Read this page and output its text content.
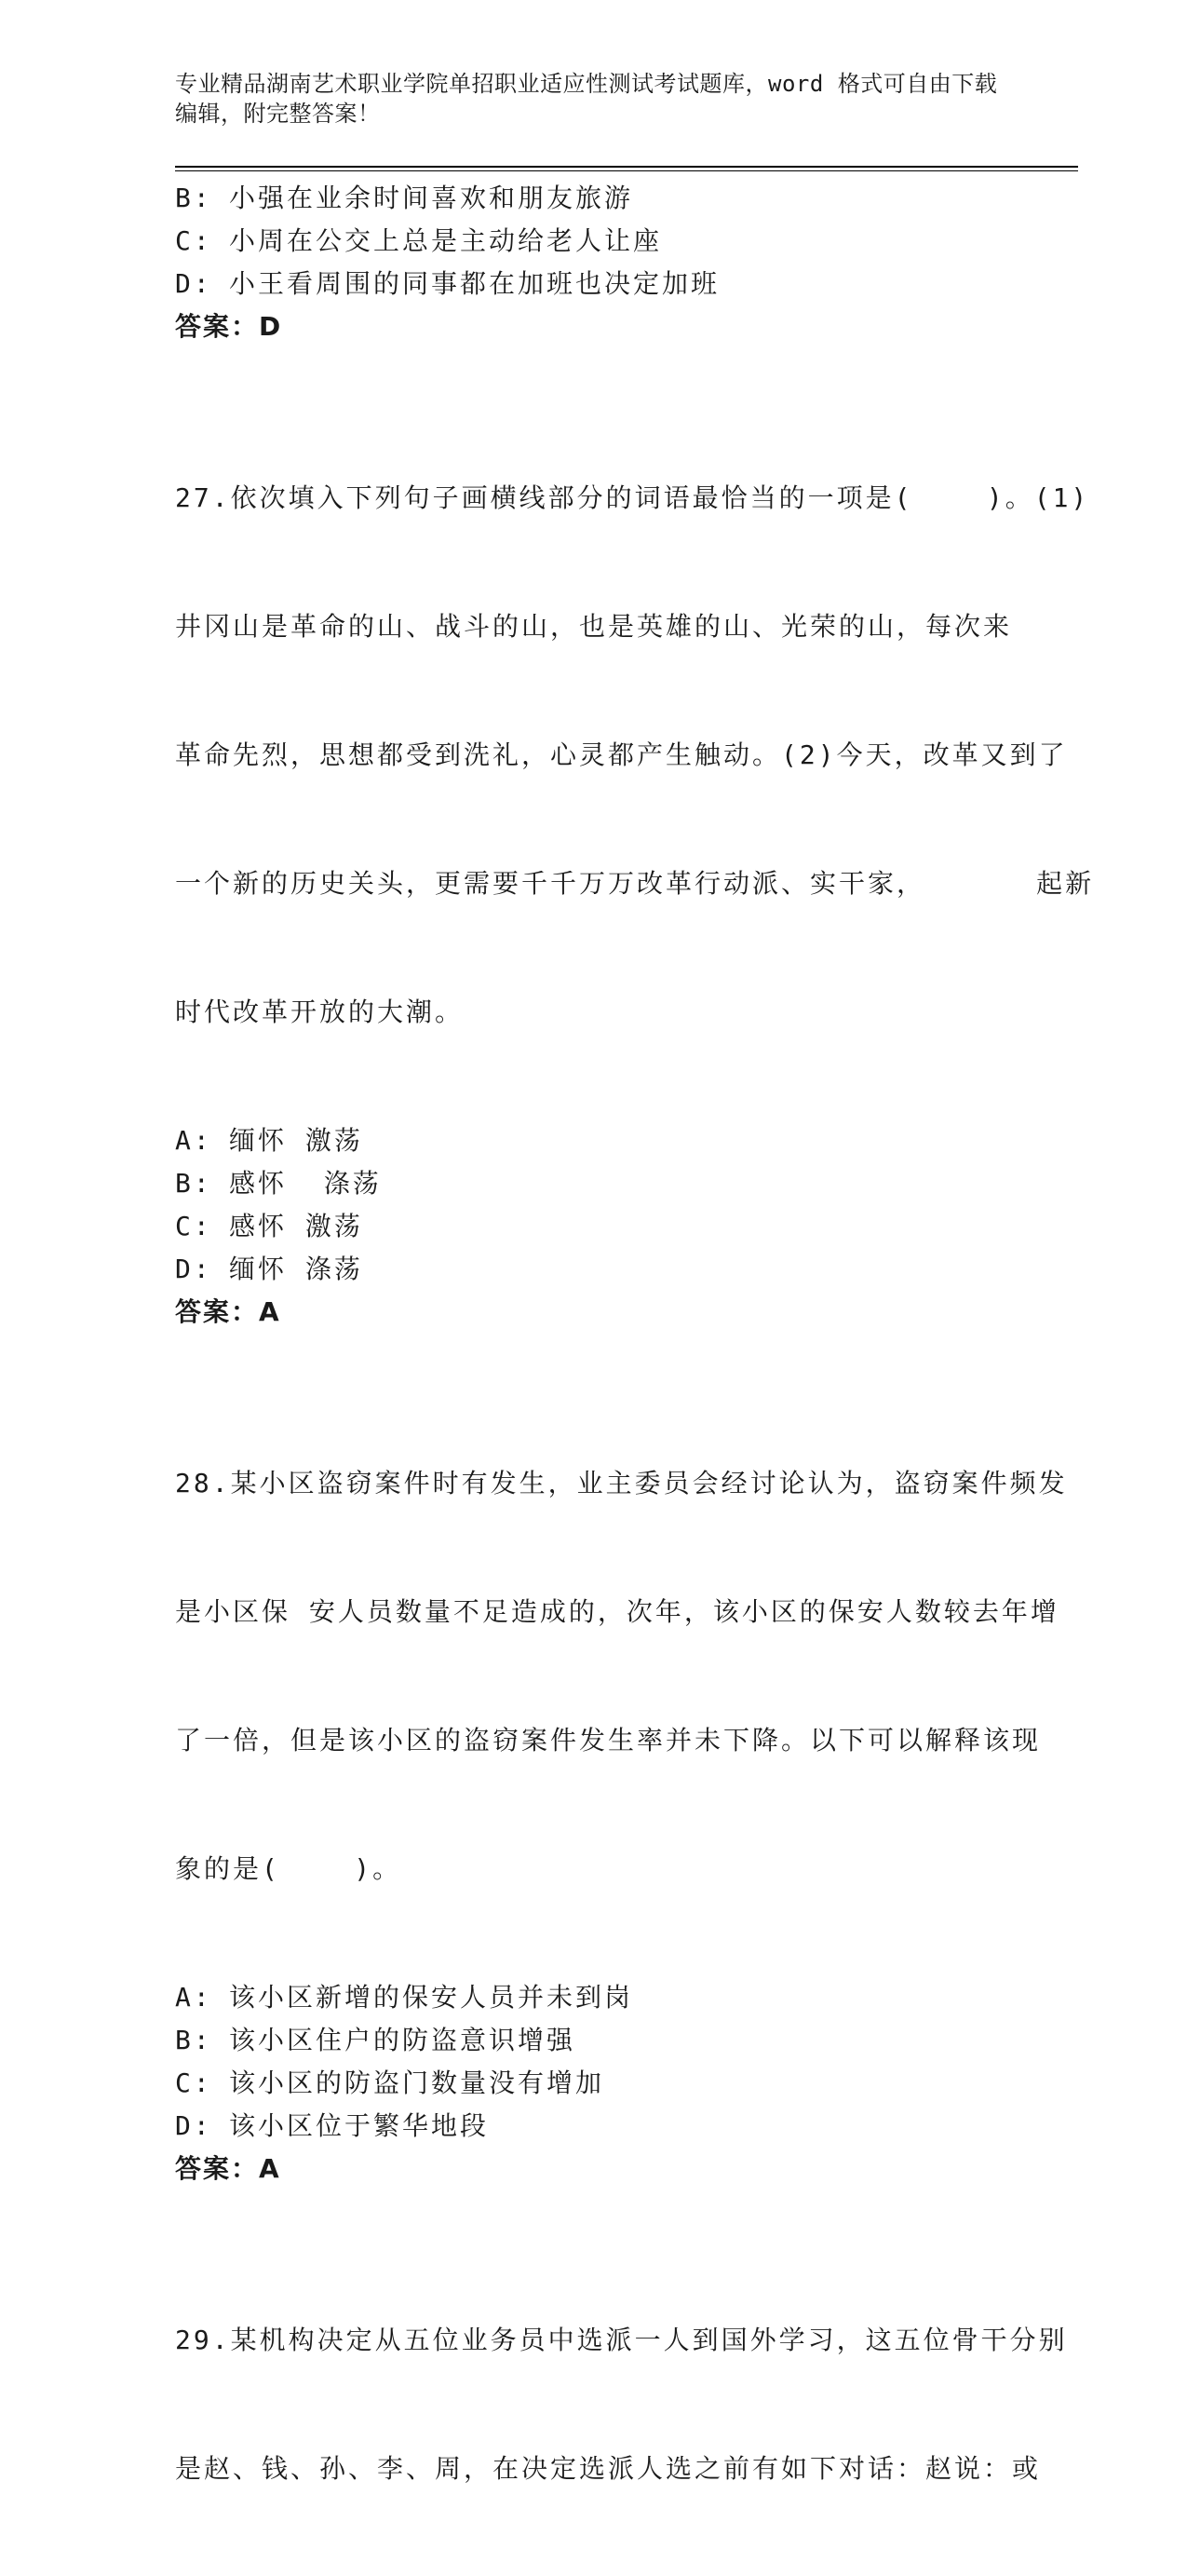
专业精品湖南艺术职业学院单招职业适应性测试考试题库，word 格式可自由下载
编辑，附完整答案！
B: 小强在业余时间喜欢和朋友旅游
C: 小周在公交上总是主动给老人让座
D: 小王看周围的同事都在加班也决定加班
答案：D

27.依次填入下列句子画横线部分的词语最恰当的一项是(    )。(1)

井冈山是革命的山、战斗的山，也是英雄的山、光荣的山，每次来

革命先烈，思想都受到洗礼，心灵都产生触动。(2)今天，改革又到了

一个新的历史关头，更需要千千万万改革行动派、实干家，      起新

时代改革开放的大潮。

A: 缅怀 激荡
B: 感怀  涤荡
C: 感怀 激荡
D: 缅怀 涤荡
答案：A

28.某小区盗窃案件时有发生，业主委员会经讨论认为，盗窃案件频发

是小区保 安人员数量不足造成的，次年，该小区的保安人数较去年增

了一倍，但是该小区的盗窃案件发生率并未下降。以下可以解释该现

象的是(    )。

A: 该小区新增的保安人员并未到岗
B: 该小区住户的防盗意识增强
C: 该小区的防盗门数量没有增加
D: 该小区位于繁华地段
答案：A

29.某机构决定从五位业务员中选派一人到国外学习，这五位骨干分别

是赵、钱、孙、李、周，在决定选派人选之前有如下对话：赵说：或
